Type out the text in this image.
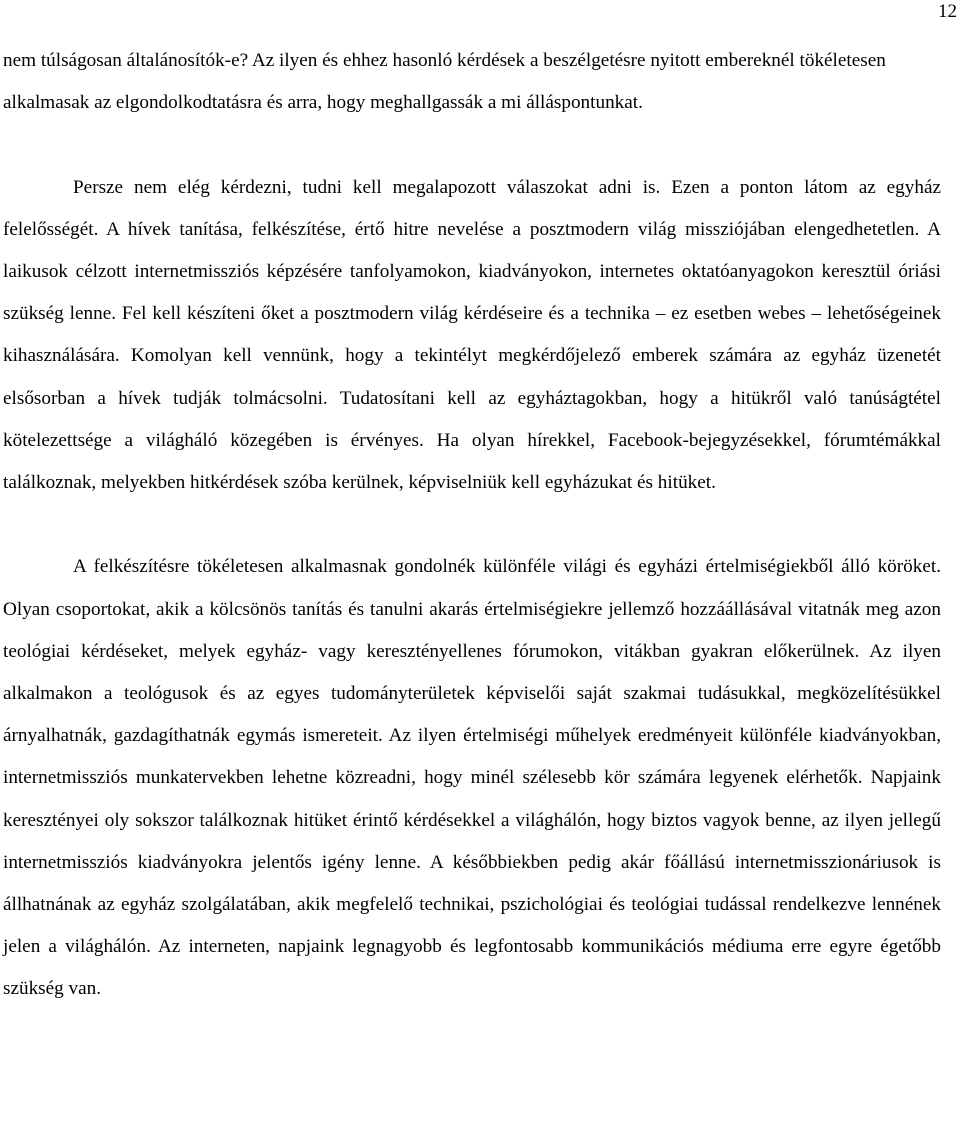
12

nem túlságosan általánosítók-e? Az ilyen és ehhez hasonló kérdések a beszélgetésre nyitott embereknél tökéletesen alkalmasak az elgondolkodtatásra és arra, hogy meghallgassák a mi álláspontunkat.

Persze nem elég kérdezni, tudni kell megalapozott válaszokat adni is. Ezen a ponton látom az egyház felelősségét. A hívek tanítása, felkészítése, értő hitre nevelése a posztmodern világ missziójában elengedhetetlen. A laikusok célzott internetmissziós képzésére tanfolyamokon, kiadványokon, internetes oktatóanyagokon keresztül óriási szükség lenne. Fel kell készíteni őket a posztmodern világ kérdéseire és a technika – ez esetben webes – lehetőségeinek kihasználására. Komolyan kell vennünk, hogy a tekintélyt megkérdőjelező emberek számára az egyház üzenetét elsősorban a hívek tudják tolmácsolni. Tudatosítani kell az egyháztagokban, hogy a hitükről való tanúságtétel kötelezettsége a világháló közegében is érvényes. Ha olyan hírekkel, Facebook-bejegyzésekkel, fórumtémákkal találkoznak, melyekben hitkérdések szóba kerülnek, képviselniük kell egyházukat és hitüket.

A felkészítésre tökéletesen alkalmasnak gondolnék különféle világi és egyházi értelmiségiekből álló köröket. Olyan csoportokat, akik a kölcsönös tanítás és tanulni akarás értelmiségiekre jellemző hozzáállásával vitatnák meg azon teológiai kérdéseket, melyek egyház- vagy keresztényellenes fórumokon, vitákban gyakran előkerülnek. Az ilyen alkalmakon a teológusok és az egyes tudományterületek képviselői saját szakmai tudásukkal, megközelítésükkel árnyalhatnák, gazdagíthatnák egymás ismereteit. Az ilyen értelmiségi műhelyek eredményeit különféle kiadványokban, internetmissziós munkatervekben lehetne közreadni, hogy minél szélesebb kör számára legyenek elérhetők. Napjaink keresztényei oly sokszor találkoznak hitüket érintő kérdésekkel a világhálón, hogy biztos vagyok benne, az ilyen jellegű internetmissziós kiadványokra jelentős igény lenne. A későbbiekben pedig akár főállású internetmisszionáriusok is állhatnának az egyház szolgálatában, akik megfelelő technikai, pszichológiai és teológiai tudással rendelkezve lennének jelen a világhálón. Az interneten, napjaink legnagyobb és legfontosabb kommunikációs médiuma erre egyre égetőbb szükség van.
